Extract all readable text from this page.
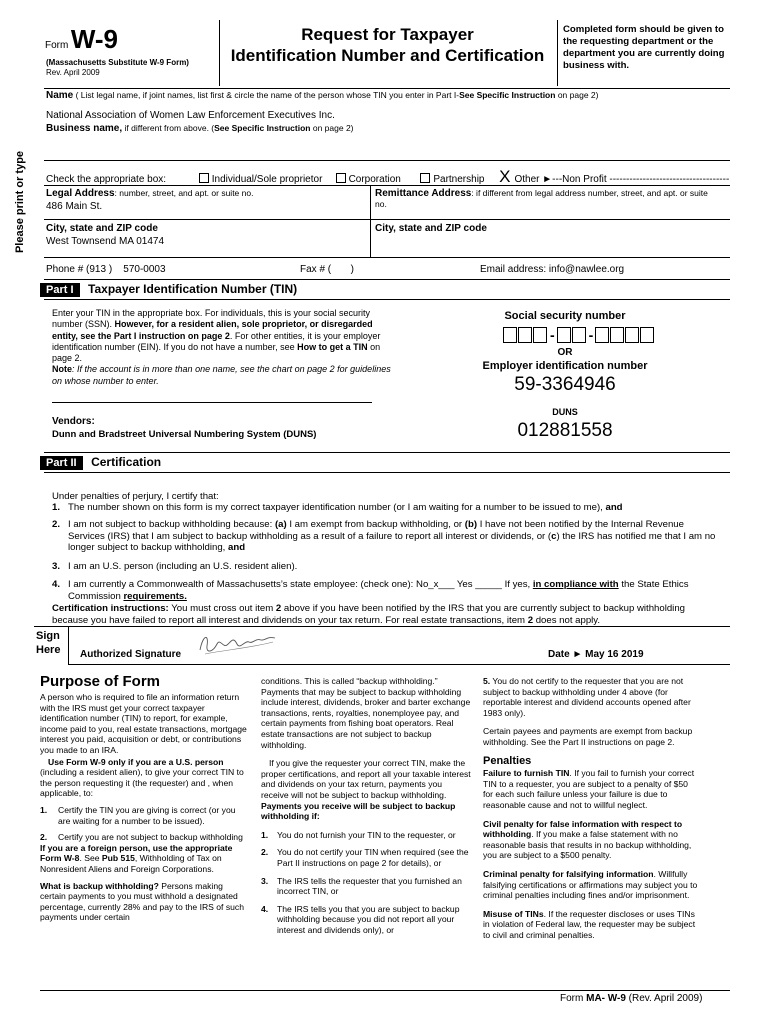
Form W-9
(Massachusetts Substitute W-9 Form)
Rev. April 2009
Request for Taxpayer
Identification Number and Certification
Completed form should be given to the requesting department or the department you are currently doing business with.
Please print or type
Name ( List legal name, if joint names, list first & circle the name of the person whose TIN you enter in Part I-See Specific Instruction on page 2)
National Association of Women Law Enforcement Executives Inc.
Business name, if different from above. (See Specific Instruction on page 2)
Check the appropriate box:	Individual/Sole proprietor	Corporation	Partnership X Other ►---Non Profit ------------------------------------
Legal Address: number, street, and apt. or suite no.
486 Main St.
Remittance Address: if different from legal address number, street, and apt. or suite no.
City, state and ZIP code
West Townsend MA 01474
City, state and ZIP code
Phone # (913 )    570-0003	Fax # (       )	Email address: info@nawlee.org
Part I Taxpayer Identification Number (TIN)
Enter your TIN in the appropriate box. For individuals, this is your social security number (SSN). However, for a resident alien, sole proprietor, or disregarded entity, see the Part I instruction on page 2. For other entities, it is your employer identification number (EIN). If you do not have a number, see How to get a TIN on page 2.
Note: If the account is in more than one name, see the chart on page 2 for guidelines on whose number to enter.
Social security number
- -
OR
Employer identification number
59-3364946
DUNS
012881558
Vendors:
Dunn and Bradstreet Universal Numbering System (DUNS)
Part II Certification
Under penalties of perjury, I certify that:
1. The number shown on this form is my correct taxpayer identification number (or I am waiting for a number to be issued to me), and
2. I am not subject to backup withholding because: (a) I am exempt from backup withholding, or (b) I have not been notified by the Internal Revenue Services (IRS) that I am subject to backup withholding as a result of a failure to report all interest or dividends, or (c) the IRS has notified me that I am no longer subject to backup withholding, and
3. I am an U.S. person (including an U.S. resident alien).
4. I am currently a Commonwealth of Massachusetts’s state employee: (check one): No_x___ Yes _____ If yes, in compliance with the State Ethics Commission requirements.
Certification instructions: You must cross out item 2 above if you have been notified by the IRS that you are currently subject to backup withholding because you have failed to report all interest and dividends on your tax return. For real estate transactions, item 2 does not apply.
Sign
Here Authorized Signature	Date ► May 16 2019
Purpose of Form

A person who is required to file an information return with the IRS must get your correct taxpayer identification number (TIN) to report, for example, income paid to you, real estate transactions, mortgage interest you paid, acquisition or debt, or contributions you made to an IRA.

Use Form W-9 only if you are a U.S. person (including a resident alien), to give your correct TIN to the person requesting it (the requester) and , when applicable, to:

1. Certify the TIN you are giving is correct (or you are waiting for a number to be issued).

2. Certify you are not subject to backup withholding

If you are a foreign person, use the appropriate Form W-8. See Pub 515, Withholding of Tax on Nonresident Aliens and Foreign Corporations.

What is backup withholding? Persons making certain payments to you must withhold a designated percentage, currently 28% and pay to the IRS of such payments under certain

conditions. This is called “backup withholding.” Payments that may be subject to backup withholding include interest, dividends, broker and barter exchange transactions, rents, royalties, nonemployee pay, and certain payments from fishing boat operators. Real estate transactions are not subject to backup withholding.

If you give the requester your correct TIN, make the proper certifications, and report all your taxable interest and dividends on your tax return, payments you receive will not be subject to backup withholding. Payments you receive will be subject to backup withholding if:

1. You do not furnish your TIN to the requester, or

2. You do not certify your TIN when required (see the Part II instructions on page 2 for details), or

3. The IRS tells the requester that you furnished an incorrect TIN, or

4. The IRS tells you that you are subject to backup withholding because you did not report all your interest and dividends only), or

5. You do not certify to the requester that you are not subject to backup withholding under 4 above (for reportable interest and dividend accounts opened after 1983 only).

Certain payees and payments are exempt from backup withholding. See the Part II instructions on page 2.

Penalties

Failure to furnish TIN. If you fail to furnish your correct TIN to a requester, you are subject to a penalty of $50 for each such failure unless your failure is due to reasonable cause and not to willful neglect.

Civil penalty for false information with respect to withholding. If you make a false statement with no reasonable basis that results in no backup withholding, you are subject to a $500 penalty.

Criminal penalty for falsifying information. Willfully falsifying certifications or affirmations may subject you to criminal penalties including fines and/or imprisonment.

Misuse of TINs. If the requester discloses or uses TINs in violation of Federal law, the requester may be subject to civil and criminal penalties.

Form MA- W-9 (Rev. April 2009)
